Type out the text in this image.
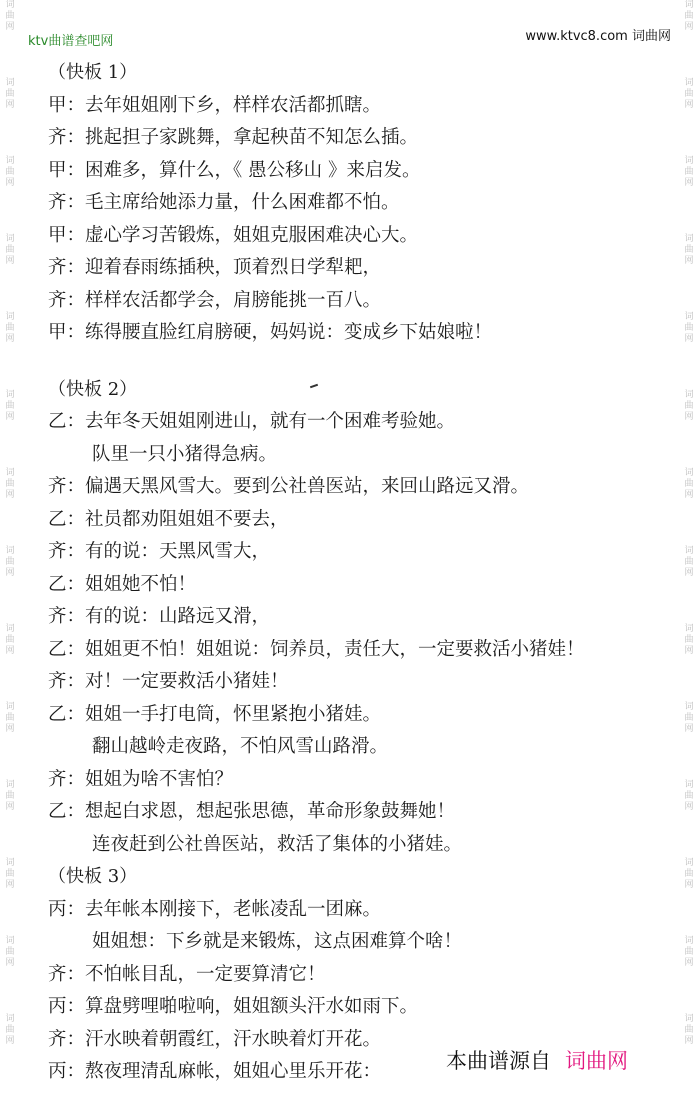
ktv曲谱查吧网	www.ktvc8.com 词曲网
词曲网
词曲网
词曲网
词曲网
词曲网
词曲网
词曲网
词曲网
词曲网
词曲网
词曲网
词曲网
词曲网
词曲网
词曲网
词曲网
词曲网
词曲网
词曲网
词曲网
词曲网
词曲网
词曲网
词曲网
词曲网
词曲网
词曲网
词曲网
（快板 1）
甲：去年姐姐刚下乡，样样农活都抓瞎。
齐：挑起担子家跳舞，拿起秧苗不知怎么插。
甲：困难多，算什么，《 愚公移山 》来启发。
齐：毛主席给她添力量，什么困难都不怕。
甲：虚心学习苦锻炼，姐姐克服困难决心大。
齐：迎着春雨练插秧，顶着烈日学犁耙，
齐：样样农活都学会，肩膀能挑一百八。
甲：练得腰直脸红肩膀硬，妈妈说：变成乡下姑娘啦！
（快板 2）
乙：去年冬天姐姐刚进山，就有一个困难考验她。
队里一只小猪得急病。
齐：偏遇天黑风雪大。要到公社兽医站，来回山路远又滑。
乙：社员都劝阻姐姐不要去，
齐：有的说：天黑风雪大，
乙：姐姐她不怕！
齐：有的说：山路远又滑，
乙：姐姐更不怕！姐姐说：饲养员，责任大，一定要救活小猪娃！
齐：对！一定要救活小猪娃！
乙：姐姐一手打电筒，怀里紧抱小猪娃。
翻山越岭走夜路，不怕风雪山路滑。
齐：姐姐为啥不害怕？
乙：想起白求恩，想起张思德，革命形象鼓舞她！
连夜赶到公社兽医站，救活了集体的小猪娃。
（快板 3）
丙：去年帐本刚接下，老帐凌乱一团麻。
姐姐想：下乡就是来锻炼，这点困难算个啥！
齐：不怕帐目乱，一定要算清它！
丙：算盘劈哩啪啦响，姐姐额头汗水如雨下。
齐：汗水映着朝霞红，汗水映着灯开花。
丙：熬夜理清乱麻帐，姐姐心里乐开花：	本曲谱源自 词曲网
